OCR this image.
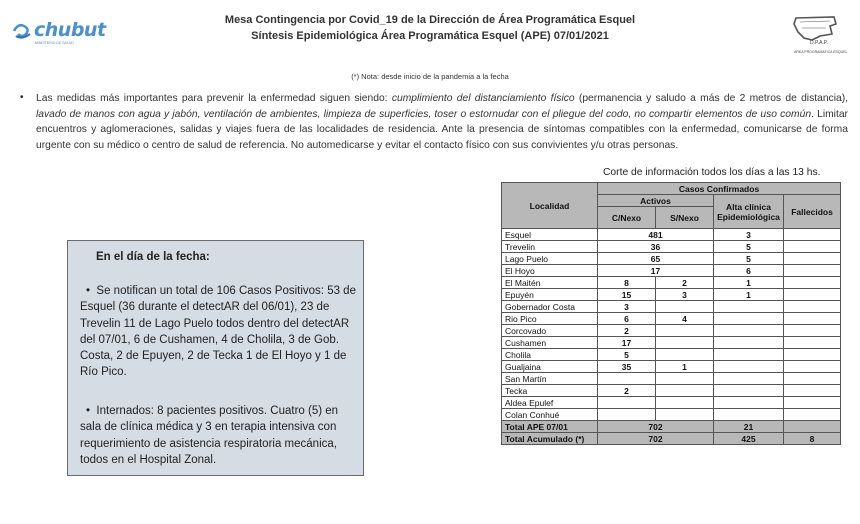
chubut
MINISTERIO DE SALUD	D.P.A.P.
AREA PROGRAMATICA ESQUEL
Mesa Contingencia por Covid_19 de la Dirección de Área Programática Esquel
Síntesis Epidemiológica Área Programática Esquel (APE) 07/01/2021
(*) Nota: desde inicio de la pandemia a la fecha
• Las medidas más importantes para prevenir la enfermedad siguen siendo: cumplimiento del distanciamiento físico (permanencia y saludo a más de 2 metros de distancia), lavado de manos con agua y jabón, ventilación de ambientes, limpieza de superficies, toser o estornudar con el pliegue del codo, no compartir elementos de uso común. Limitar encuentros y aglomeraciones, salidas y viajes fuera de las localidades de residencia. Ante la presencia de síntomas compatibles con la enfermedad, comunicarse de forma urgente con su médico o centro de salud de referencia. No automedicarse y evitar el contacto físico con sus convivientes y/u otras personas.
Corte de información todos los días a las 13 hs.
En el día de la fecha:
•  Se notifican un total de 106 Casos Positivos: 53 de Esquel (36 durante el detectAR del 06/01), 23 de Trevelin 11 de Lago Puelo todos dentro del detectAR del 07/01, 6 de Cushamen, 4 de Cholila, 3 de Gob. Costa, 2 de Epuyen, 2 de Tecka 1 de El Hoyo y 1 de Río Pico.
•  Internados: 8 pacientes positivos. Cuatro (5) en sala de clínica médica y 3 en terapia intensiva con requerimiento de asistencia respiratoria mecánica, todos en el Hospital Zonal.
Localidad	Casos Confirmados			
	Activos		Alta clínica Epidemiológica	Fallecidos
	C/Nexo	S/Nexo		
Esquel	481		3	
Trevelin	36		5	
Lago Puelo	65		5	
El Hoyo	17		6	
El Maitén	8	2	1	
Epuyén	15	3	1	
Gobernador Costa	3			
Rio Pico	6	4		
Corcovado	2			
Cushamen	17			
Cholila	5			
Gualjaina	35	1		
San Martín				
Tecka	2			
Aldea Epulef				
Colan Conhué				
Total APE 07/01	702		21	
Total Acumulado (*)	702		425	8
